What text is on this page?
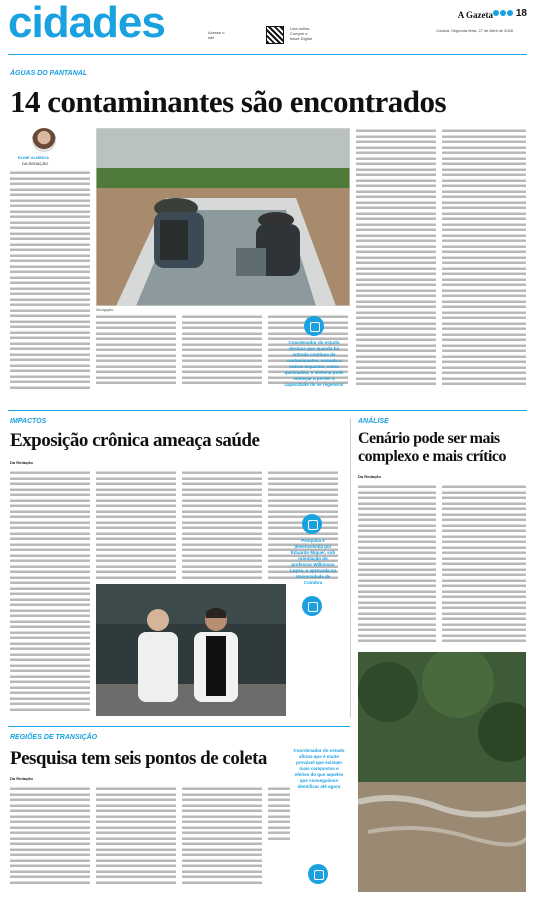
cidades	Acesse o
site
Leia online,
Compre e
baixe Digital
A Gazeta 18
Cuiabá, Segunda-feira, 27 de Abril de 2026
ÁGUAS DO PANTANAL
14 contaminantes são encontrados
ELINE ALMEIDA
DA REDAÇÃO
Divulgação
Coordenador do estudo destaca que quando há entrada contínua de contaminantes, somada a outros impactos, como queimadas, o sistema pode começar a perder a capacidade de se regenerar
IMPACTOS
Exposição crônica ameaça saúde
Da Redação
Pesquisa é desenvolvida por Eduardo Miguel, sob orientação do professor Wilkinson Lopes, e aprovada na Universidade de Coimbra
ANÁLISE
Cenário pode ser mais
complexo e mais crítico
Da Redação
REGIÕES DE TRANSIÇÃO
Pesquisa tem seis pontos de coleta
Da Redação
Coordenador do estudo afirma que é muito provável que existam mais compostos e efeitos do que aqueles que conseguimos identificar até agora
